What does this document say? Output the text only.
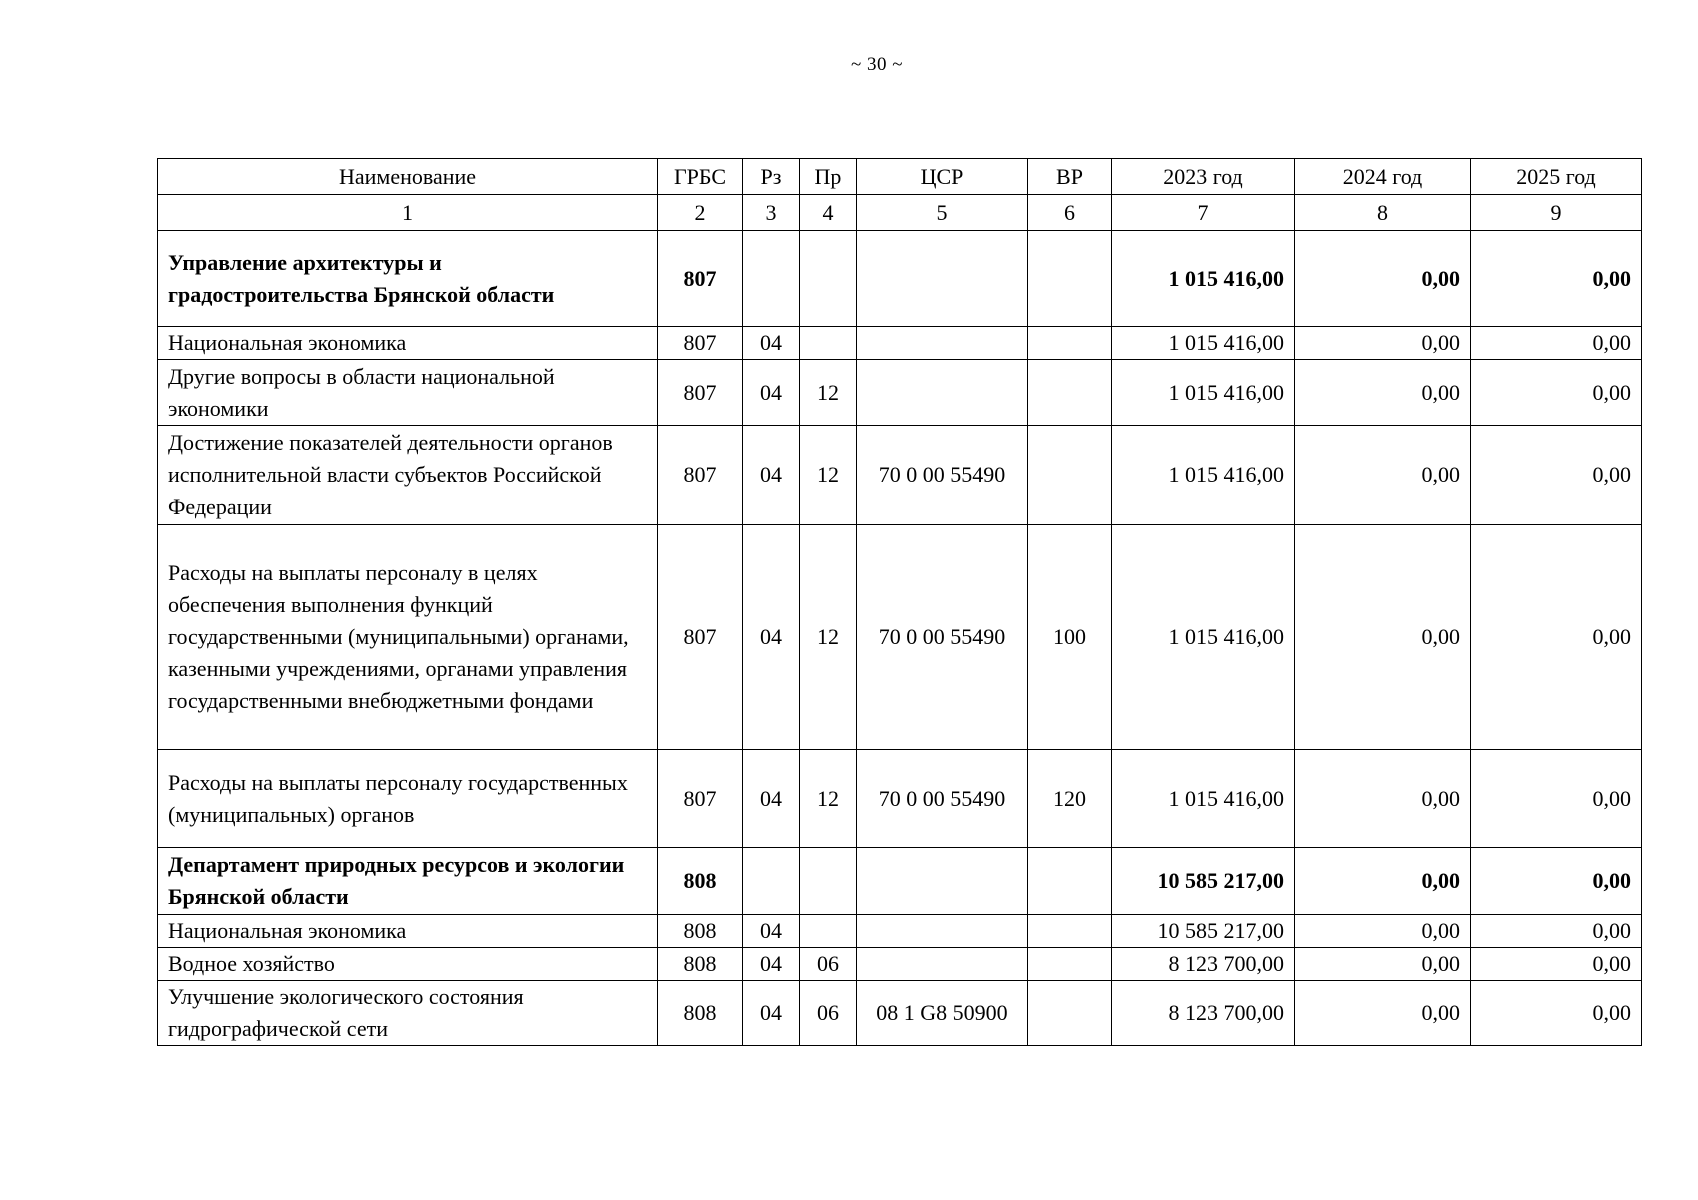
~ 30 ~
Наименование	ГРБС	Рз	Пр	ЦСР	ВР	2023 год	2024 год	2025 год
1	2	3	4	5	6	7	8	9
Управление архитектуры и градостроительства Брянской области	807					1 015 416,00	0,00	0,00
Национальная экономика	807	04				1 015 416,00	0,00	0,00
Другие вопросы в области национальной экономики	807	04	12			1 015 416,00	0,00	0,00
Достижение показателей деятельности органов исполнительной власти субъектов Российской Федерации	807	04	12	70 0 00 55490		1 015 416,00	0,00	0,00
Расходы на выплаты персоналу в целях обеспечения выполнения функций государственными (муниципальными) органами, казенными учреждениями, органами управления государственными внебюджетными фондами	807	04	12	70 0 00 55490	100	1 015 416,00	0,00	0,00
Расходы на выплаты персоналу государственных (муниципальных) органов	807	04	12	70 0 00 55490	120	1 015 416,00	0,00	0,00
Департамент природных ресурсов и экологии Брянской области	808					10 585 217,00	0,00	0,00
Национальная экономика	808	04				10 585 217,00	0,00	0,00
Водное хозяйство	808	04	06			8 123 700,00	0,00	0,00
Улучшение экологического состояния гидрографической сети	808	04	06	08 1 G8 50900		8 123 700,00	0,00	0,00
